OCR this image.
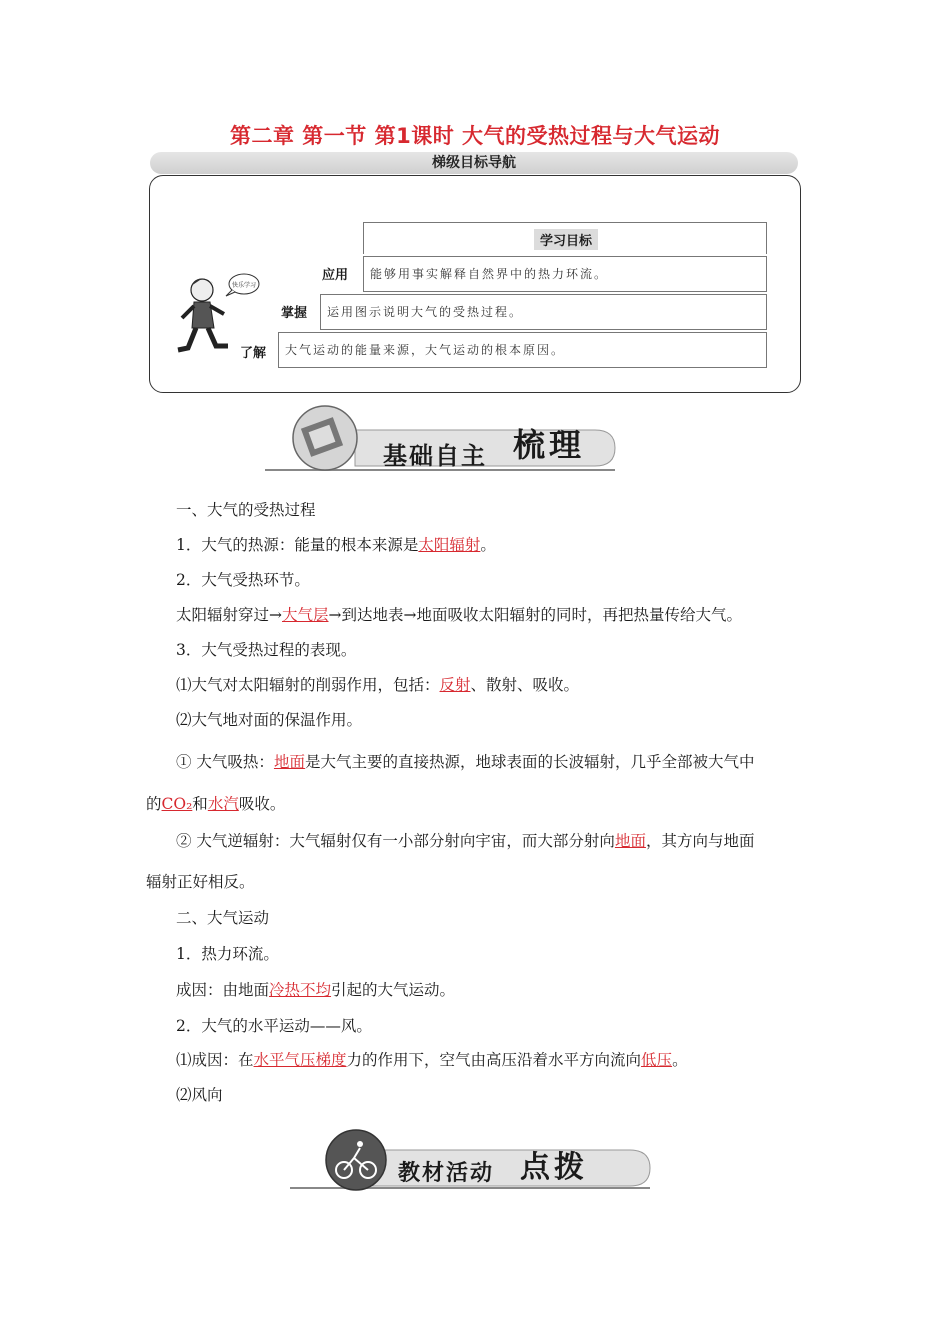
第二章 第一节 第1课时 大气的受热过程与大气运动
梯级目标导航
快乐学习
学习目标
应用	能够用事实解释自然界中的热力环流。
掌握	运用图示说明大气的受热过程。
了解	大气运动的能量来源，大气运动的根本原因。
基础自主 梳理
一、大气的受热过程
1．大气的热源：能量的根本来源是太阳辐射。
2．大气受热环节。
太阳辐射穿过→大气层→到达地表→地面吸收太阳辐射的同时，再把热量传给大气。
3．大气受热过程的表现。
⑴大气对太阳辐射的削弱作用，包括：反射、散射、吸收。
⑵大气地对面的保温作用。
① 大气吸热：地面是大气主要的直接热源，地球表面的长波辐射，几乎全部被大气中
的CO₂和水汽吸收。
② 大气逆辐射：大气辐射仅有一小部分射向宇宙，而大部分射向地面，其方向与地面
辐射正好相反。
二、大气运动
1．热力环流。
成因：由地面冷热不均引起的大气运动。
2．大气的水平运动——风。
⑴成因：在水平气压梯度力的作用下，空气由高压沿着水平方向流向低压。
⑵风向
教材活动 点拨
